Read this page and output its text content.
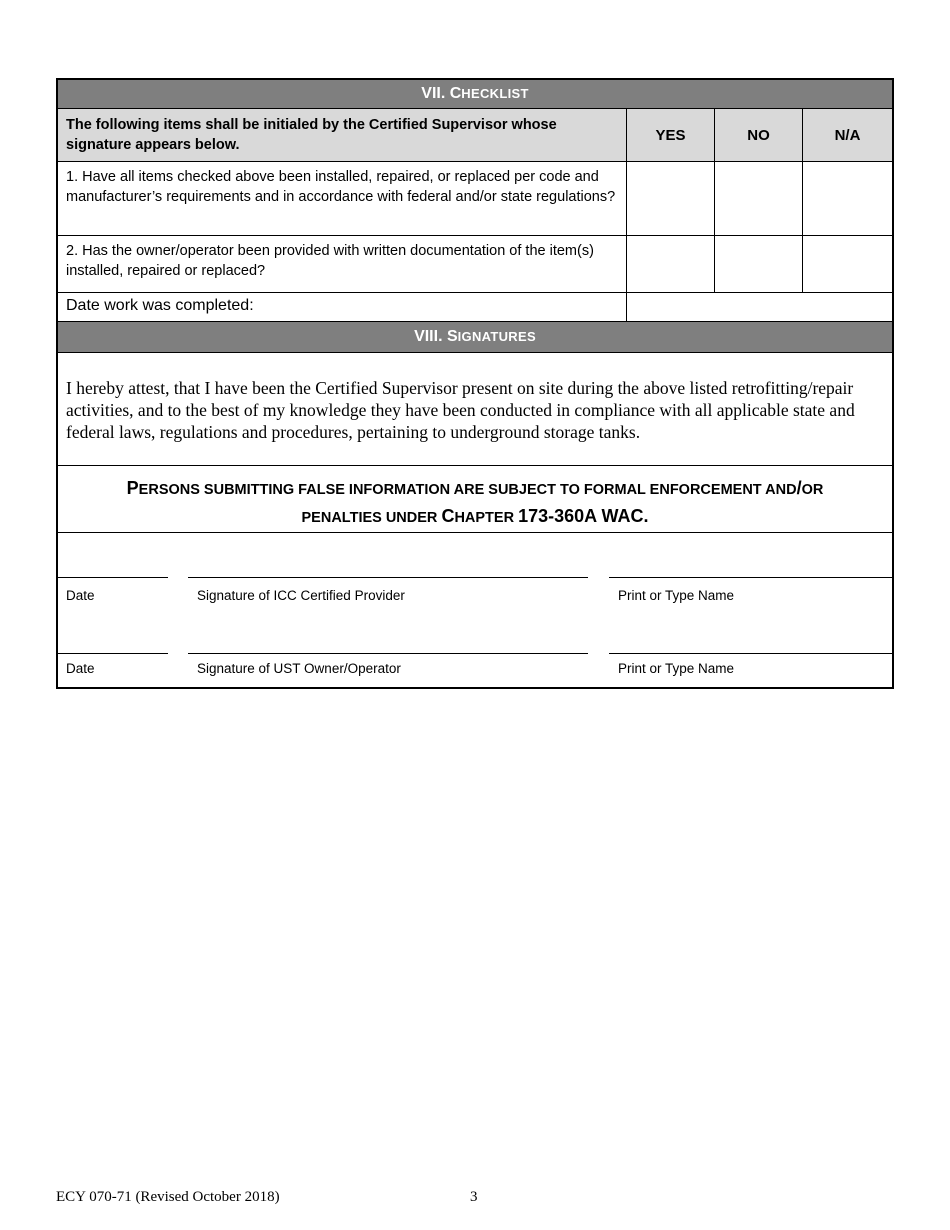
VII. CHECKLIST
The following items shall be initialed by the Certified Supervisor whose signature appears below.
YES	NO	N/A
1. Have all items checked above been installed, repaired, or replaced per code and manufacturer’s requirements and in accordance with federal and/or state regulations?
2. Has the owner/operator been provided with written documentation of the item(s) installed, repaired or replaced?
Date work was completed:
VIII. SIGNATURES
I hereby attest, that I have been the Certified Supervisor present on site during the above listed retrofitting/repair activities, and to the best of my knowledge they have been conducted in compliance with all applicable state and federal laws, regulations and procedures, pertaining to underground storage tanks.
PERSONS SUBMITTING FALSE INFORMATION ARE SUBJECT TO FORMAL ENFORCEMENT AND/OR
PENALTIES UNDER CHAPTER 173-360A WAC.
Date	Signature of ICC Certified Provider	Print or Type Name
Date	Signature of UST Owner/Operator	Print or Type Name
ECY 070-71 (Revised October 2018)	3
